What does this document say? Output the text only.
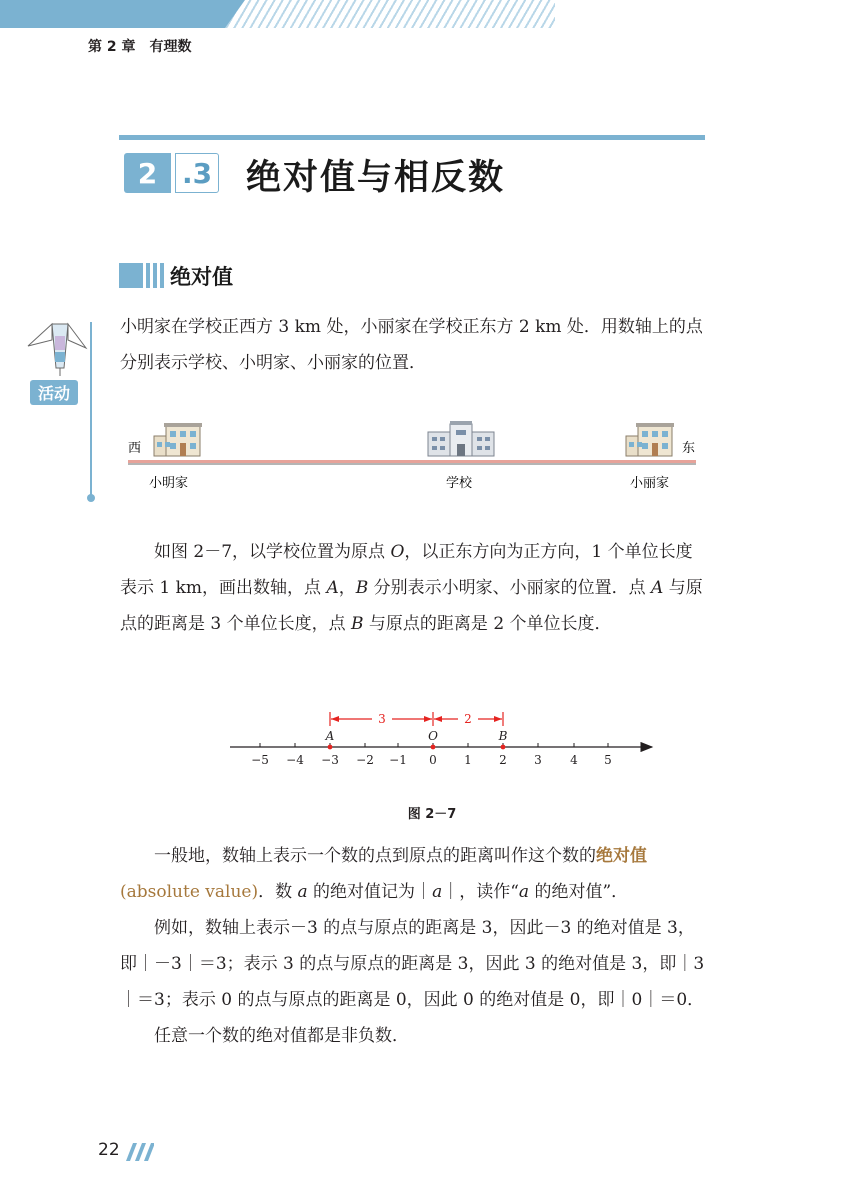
第 2 章　有理数
2 .3 绝对值与相反数
绝对值
活动

小明家在学校正西方 3 km 处，小丽家在学校正东方 2 km 处．用数轴上的点分别表示学校、小明家、小丽家的位置．

西	东
小明家	学校	小丽家

如图 2－7，以学校位置为原点 O，以正东方向为正方向，1 个单位长度表示 1 km，画出数轴，点 A，B 分别表示小明家、小丽家的位置．点 A 与原点的距离是 3 个单位长度，点 B 与原点的距离是 2 个单位长度．

−5 −4 −3 −2 −1 0 1 2 3 4 5
3	2
A	O	B
图 2－7

一般地，数轴上表示一个数的点到原点的距离叫作这个数的绝对值(absolute value)．数 a 的绝对值记为｜a｜，读作“a 的绝对值”．

例如，数轴上表示－3 的点与原点的距离是 3，因此－3 的绝对值是 3，即｜－3｜＝3；表示 3 的点与原点的距离是 3，因此 3 的绝对值是 3，即｜3｜＝3；表示 0 的点与原点的距离是 0，因此 0 的绝对值是 0，即｜0｜＝0．

任意一个数的绝对值都是非负数．

22
